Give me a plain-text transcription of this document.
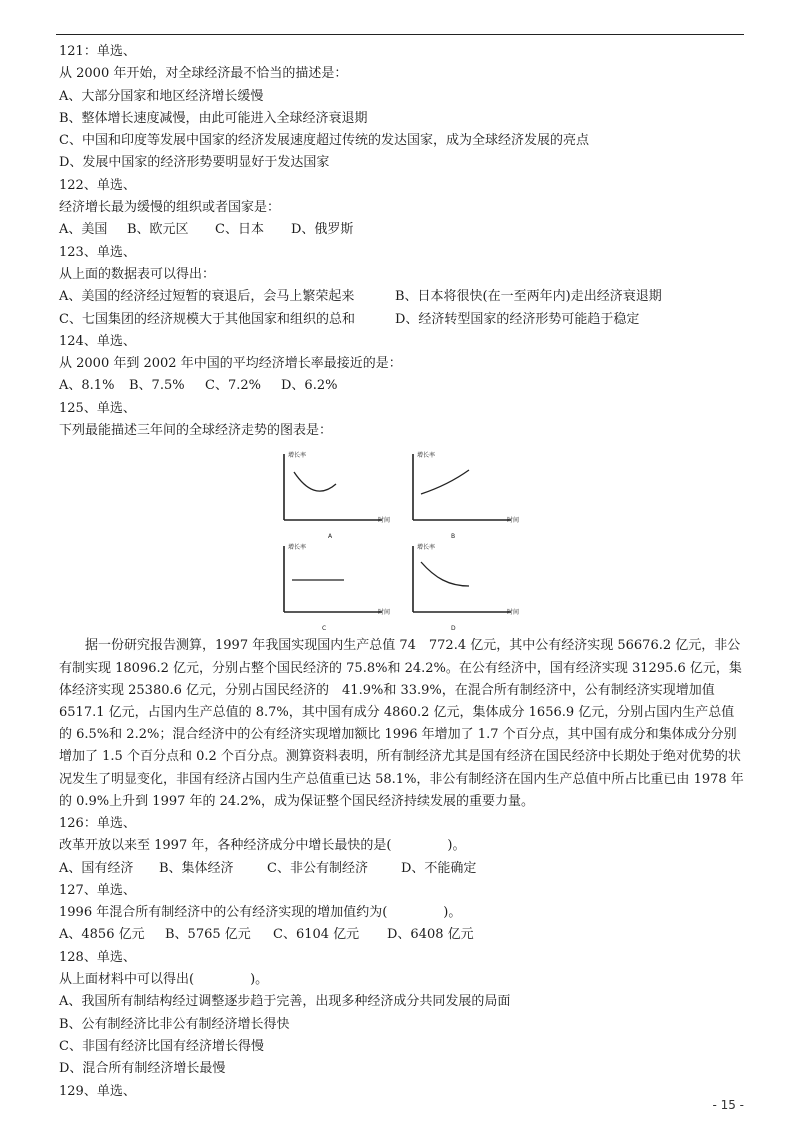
121：单选、
从 2000 年开始，对全球经济最不恰当的描述是：
A、大部分国家和地区经济增长缓慢
B、整体增长速度减慢，由此可能进入全球经济衰退期
C、中国和印度等发展中国家的经济发展速度超过传统的发达国家，成为全球经济发展的亮点
D、发展中国家的经济形势要明显好于发达国家
122、单选、
经济增长最为缓慢的组织或者国家是：
A、美国 B、欧元区 C、日本 D、俄罗斯
123、单选、
从上面的数据表可以得出：
A、美国的经济经过短暂的衰退后，会马上繁荣起来	B、日本将很快(在一至两年内)走出经济衰退期
C、七国集团的经济规模大于其他国家和组织的总和	D、经济转型国家的经济形势可能趋于稳定
124、单选、
从 2000 年到 2002 年中国的平均经济增长率最接近的是：
A、8.1% B、7.5% C、7.2% D、6.2%
125、单选、
下列最能描述三年间的全球经济走势的图表是：
增长率
时间
A
增长率
时间
B
增长率
时间
C
增长率
时间
D

据一份研究报告测算，1997 年我国实现国内生产总值 74　772.4 亿元，其中公有经济实现 56676.2 亿元，非公有制实现 18096.2 亿元，分别占整个国民经济的 75.8%和 24.2%。在公有经济中，国有经济实现 31295.6 亿元，集体经济实现 25380.6 亿元，分别占国民经济的　41.9%和 33.9%，在混合所有制经济中，公有制经济实现增加值 6517.1 亿元，占国内生产总值的 8.7%，其中国有成分 4860.2 亿元，集体成分 1656.9 亿元，分别占国内生产总值的 6.5%和 2.2%；混合经济中的公有经济实现增加额比 1996 年增加了 1.7 个百分点，其中国有成分和集体成分分别增加了 1.5 个百分点和 0.2 个百分点。测算资料表明，所有制经济尤其是国有经济在国民经济中长期处于绝对优势的状况发生了明显变化，非国有经济占国内生产总值重已达 58.1%，非公有制经济在国内生产总值中所占比重已由 1978 年的 0.9%上升到 1997 年的 24.2%，成为保证整个国民经济持续发展的重要力量。

126：单选、
改革开放以来至 1997 年，各种经济成分中增长最快的是(	)。
A、国有经济 B、集体经济	C、非公有制经济	D、不能确定
127、单选、
1996 年混合所有制经济中的公有经济实现的增加值约为(	)。
A、4856 亿元 B、5765 亿元 C、6104 亿元 D、6408 亿元
128、单选、
从上面材料中可以得出(	)。
A、我国所有制结构经过调整逐步趋于完善，出现多种经济成分共同发展的局面
B、公有制经济比非公有制经济增长得快
C、非国有经济比国有经济增长得慢
D、混合所有制经济增长最慢
129、单选、
- 15 -
